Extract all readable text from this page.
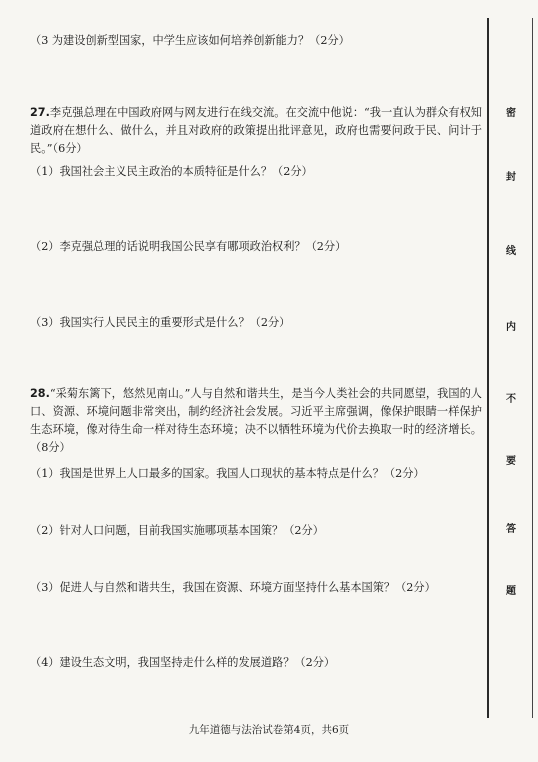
（3 为建设创新型国家，中学生应该如何培养创新能力？（2分）
27.李克强总理在中国政府网与网友进行在线交流。在交流中他说：“我一直认为群众有权知道政府在想什么、做什么，并且对政府的政策提出批评意见，政府也需要问政于民、问计于民。”（6分）
（1）我国社会主义民主政治的本质特征是什么？（2分）
（2）李克强总理的话说明我国公民享有哪项政治权利？（2分）
（3）我国实行人民民主的重要形式是什么？（2分）
28.“采菊东篱下，悠然见南山。”人与自然和谐共生，是当今人类社会的共同愿望，我国的人口、资源、环境问题非常突出，制约经济社会发展。习近平主席强调，像保护眼睛一样保护生态环境，像对待生命一样对待生态环境；决不以牺牲环境为代价去换取一时的经济增长。（8分）
（1）我国是世界上人口最多的国家。我国人口现状的基本特点是什么？（2分）
（2）针对人口问题，目前我国实施哪项基本国策？（2分）
（3）促进人与自然和谐共生，我国在资源、环境方面坚持什么基本国策？（2分）
（4）建设生态文明，我国坚持走什么样的发展道路？（2分）
密
封
线
内
不
要
答
题
九年道德与法治试卷第4页，共6页
